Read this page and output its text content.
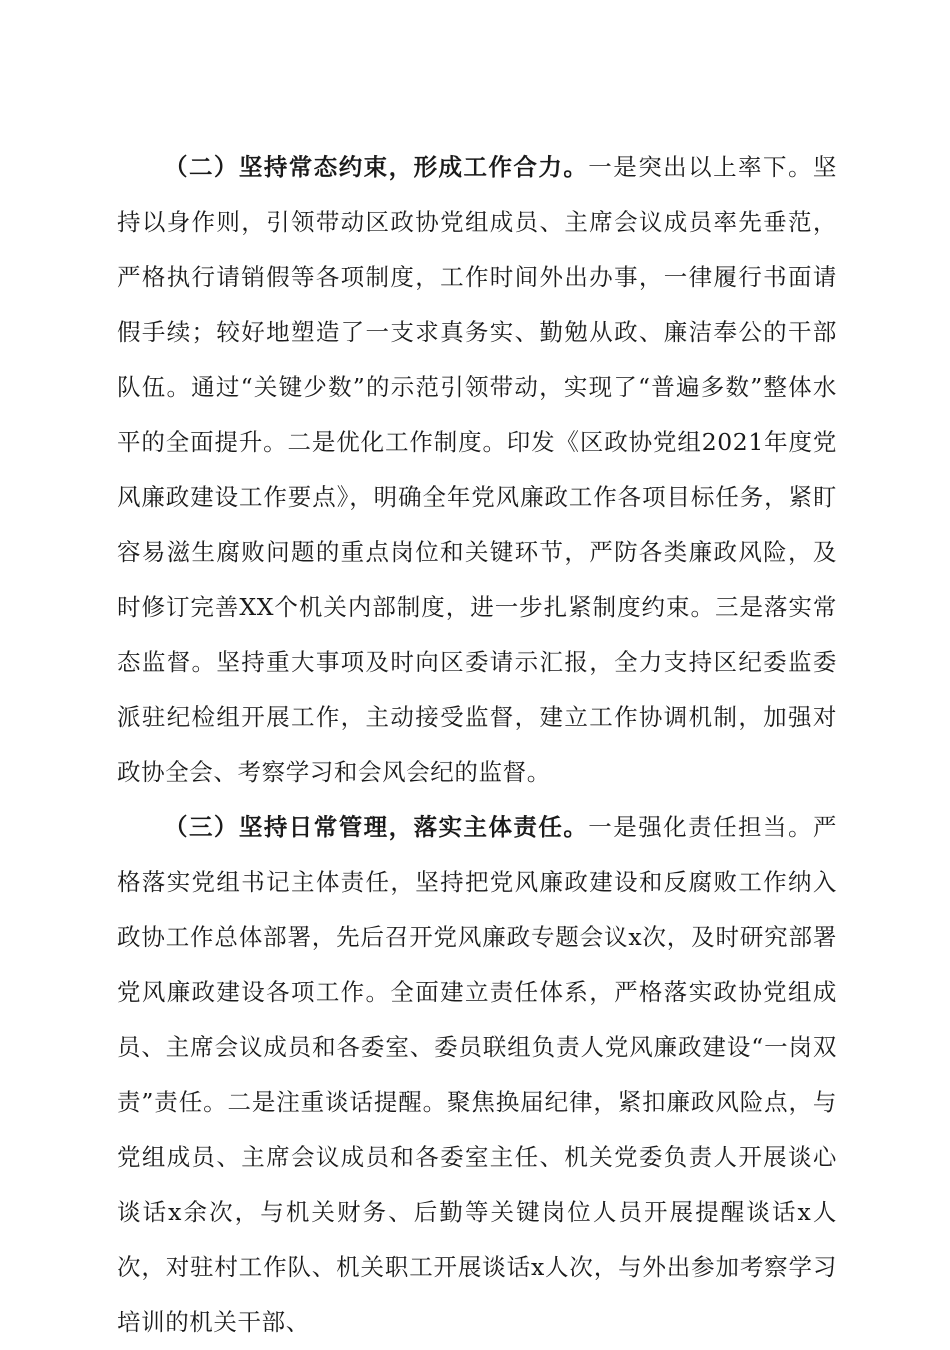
（二）坚持常态约束，形成工作合力。一是突出以上率下。坚持以身作则，引领带动区政协党组成员、主席会议成员率先垂范，严格执行请销假等各项制度，工作时间外出办事，一律履行书面请假手续；较好地塑造了一支求真务实、勤勉从政、廉洁奉公的干部队伍。通过“关键少数”的示范引领带动，实现了“普遍多数”整体水平的全面提升。二是优化工作制度。印发《区政协党组2021年度党风廉政建设工作要点》，明确全年党风廉政工作各项目标任务，紧盯容易滋生腐败问题的重点岗位和关键环节，严防各类廉政风险，及时修订完善XX个机关内部制度，进一步扎紧制度约束。三是落实常态监督。坚持重大事项及时向区委请示汇报，全力支持区纪委监委派驻纪检组开展工作，主动接受监督，建立工作协调机制，加强对政协全会、考察学习和会风会纪的监督。

（三）坚持日常管理，落实主体责任。一是强化责任担当。严格落实党组书记主体责任，坚持把党风廉政建设和反腐败工作纳入政协工作总体部署，先后召开党风廉政专题会议x次，及时研究部署党风廉政建设各项工作。全面建立责任体系，严格落实政协党组成员、主席会议成员和各委室、委员联组负责人党风廉政建设“一岗双责”责任。二是注重谈话提醒。聚焦换届纪律，紧扣廉政风险点，与党组成员、主席会议成员和各委室主任、机关党委负责人开展谈心谈话x余次，与机关财务、后勤等关键岗位人员开展提醒谈话x人次，对驻村工作队、机关职工开展谈话x人次，与外出参加考察学习培训的机关干部、
